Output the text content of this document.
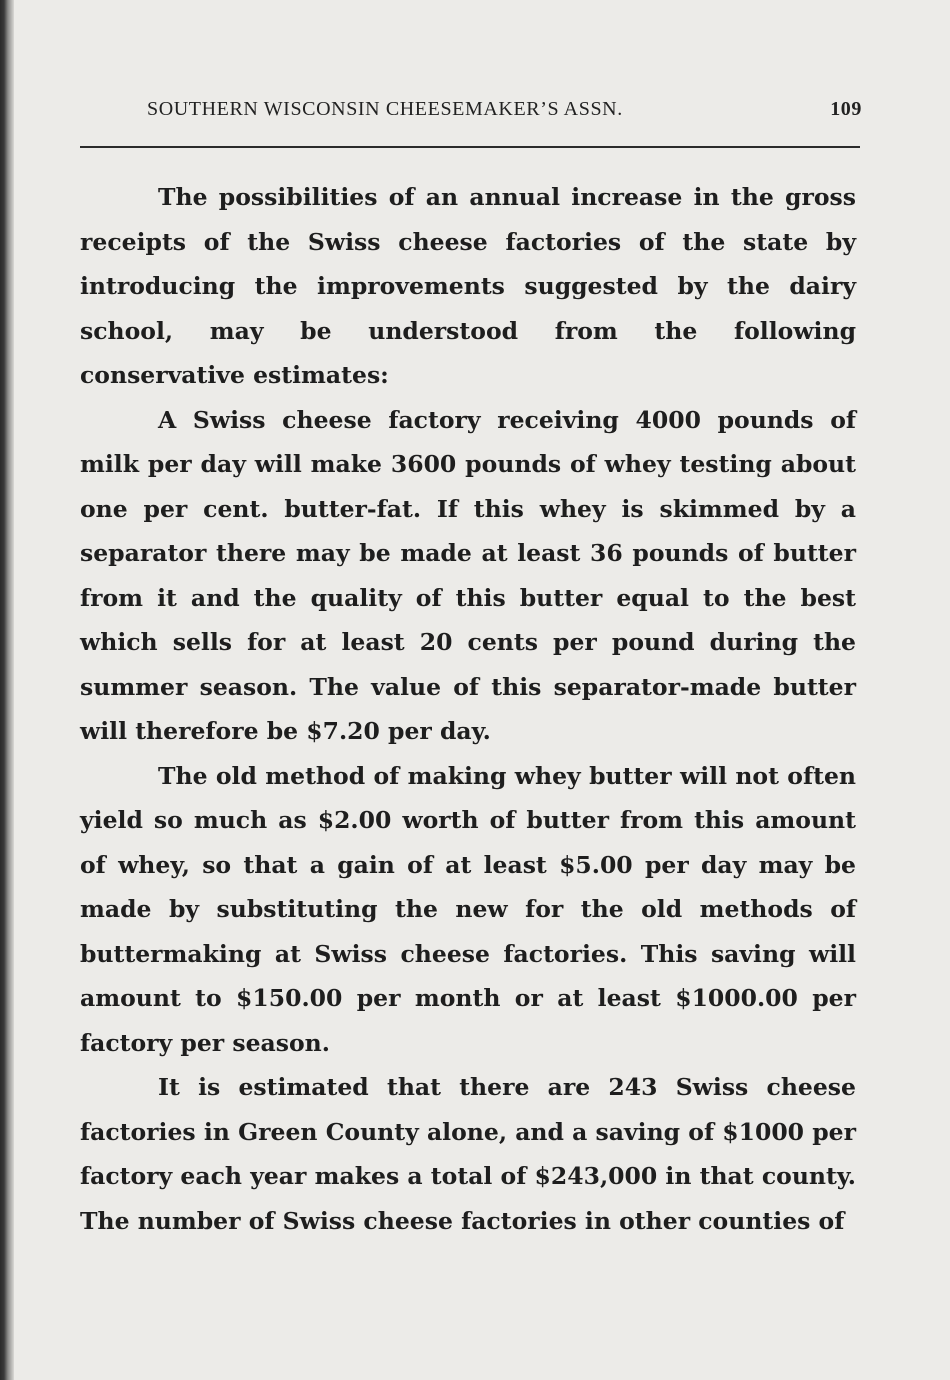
SOUTHERN WISCONSIN CHEESEMAKER’S ASSN.	109

The possibilities of an annual increase in the gross receipts of the Swiss cheese factories of the state by introducing the improvements suggested by the dairy school, may be understood from the following conservative estimates:

A Swiss cheese factory receiving 4000 pounds of milk per day will make 3600 pounds of whey testing about one per cent. butter-fat. If this whey is skimmed by a separator there may be made at least 36 pounds of butter from it and the quality of this butter equal to the best which sells for at least 20 cents per pound during the summer season. The value of this separator-made butter will therefore be $7.20 per day.

The old method of making whey butter will not often yield so much as $2.00 worth of butter from this amount of whey, so that a gain of at least $5.00 per day may be made by substituting the new for the old methods of buttermaking at Swiss cheese factories. This saving will amount to $150.00 per month or at least $1000.00 per factory per season.

It is estimated that there are 243 Swiss cheese factories in Green County alone, and a saving of $1000 per factory each year makes a total of $243,000 in that county. The number of Swiss cheese factories in other counties of
